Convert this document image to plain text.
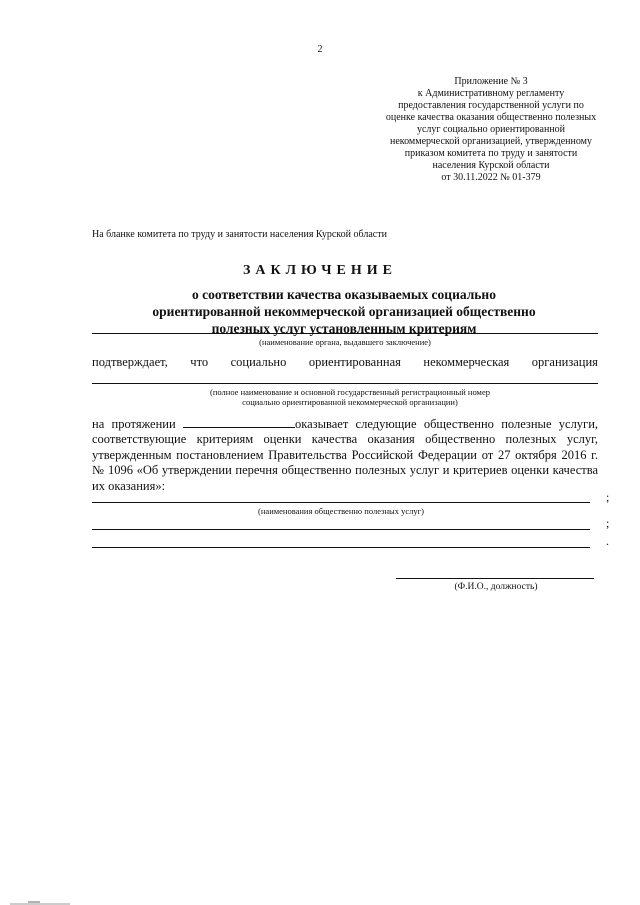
2
Приложение № 3
к Административному регламенту
предоставления государственной услуги по
оценке качества оказания общественно полезных
услуг социально ориентированной
некоммерческой организацией, утвержденному
приказом комитета по труду и занятости
населения Курской области
от 30.11.2022 № 01-379
На бланке комитета по труду и занятости населения Курской области
ЗАКЛЮЧЕНИЕ
о соответствии качества оказываемых социально
ориентированной некоммерческой организацией общественно
полезных услуг установленным критериям
(наименование органа, выдавшего заключение)
подтверждает, что социально ориентированная некоммерческая организация
(полное наименование и основной государственный регистрационный номер
социально ориентированной некоммерческой организации)
на протяжении	оказывает следующие общественно полезные услуги, соответствующие критериям оценки качества оказания общественно полезных услуг, утвержденным постановлением Правительства Российской Федерации от 27 октября 2016 г. № 1096 «Об утверждении перечня общественно полезных услуг и критериев оценки качества их оказания»:
;
(наименования общественно полезных услуг)
;
.
(Ф.И.О., должность)
